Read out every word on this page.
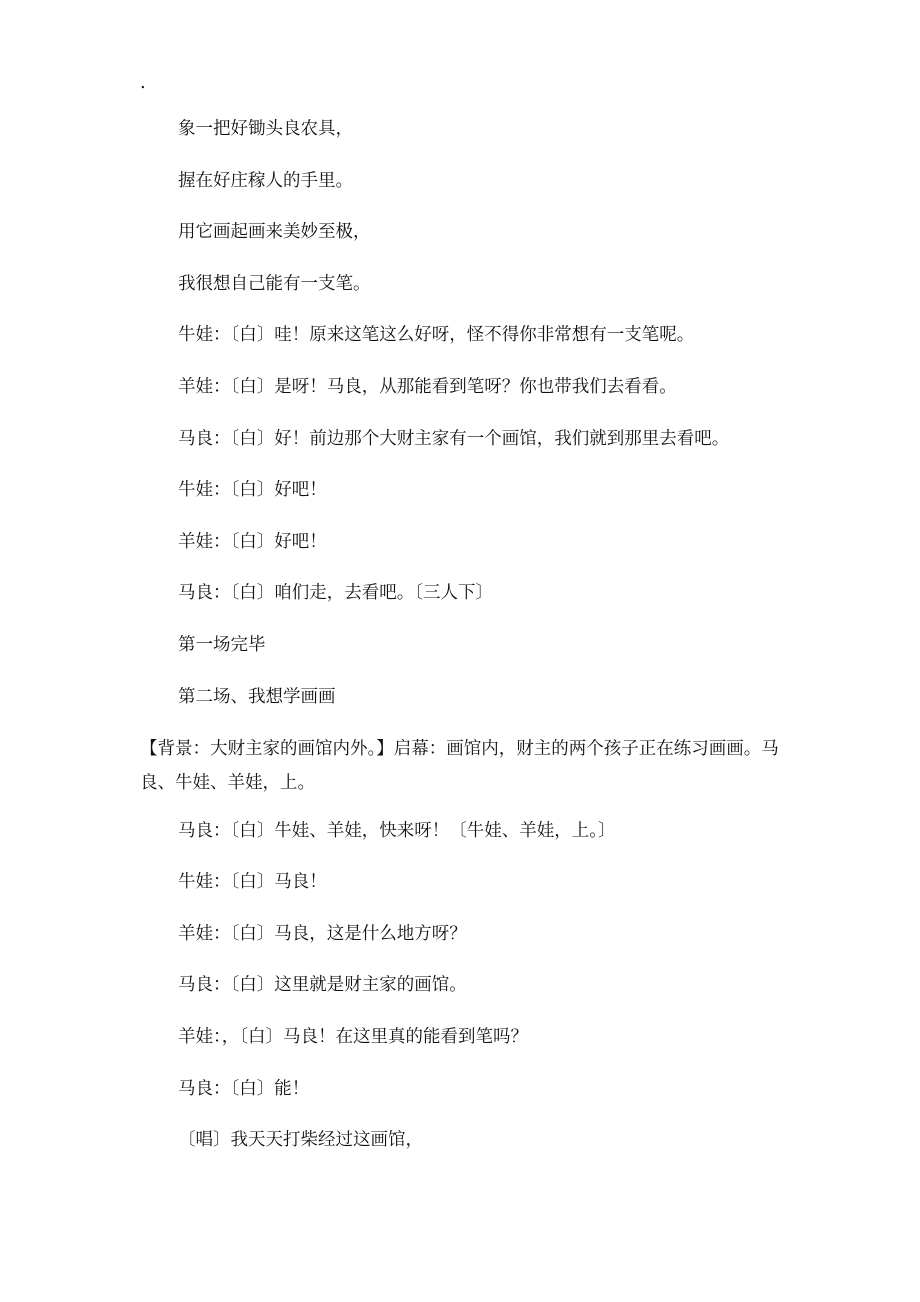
.

象一把好锄头良农具，

握在好庄稼人的手里。

用它画起画来美妙至极，

我很想自己能有一支笔。

牛娃：〔白〕哇！原来这笔这么好呀，怪不得你非常想有一支笔呢。

羊娃：〔白〕是呀！马良，从那能看到笔呀？你也带我们去看看。

马良：〔白〕好！前边那个大财主家有一个画馆，我们就到那里去看吧。

牛娃：〔白〕好吧！

羊娃：〔白〕好吧！

马良：〔白〕咱们走，去看吧。〔三人下〕

第一场完毕

第二场、我想学画画

【背景：大财主家的画馆内外。】启幕：画馆内，财主的两个孩子正在练习画画。马良、牛娃、羊娃，上。

马良：〔白〕牛娃、羊娃，快来呀！〔牛娃、羊娃，上。〕

牛娃：〔白〕马良！

羊娃：〔白〕马良，这是什么地方呀？

马良：〔白〕这里就是财主家的画馆。

羊娃：，〔白〕马良！在这里真的能看到笔吗？

马良：〔白〕能！

〔唱〕我天天打柴经过这画馆，
